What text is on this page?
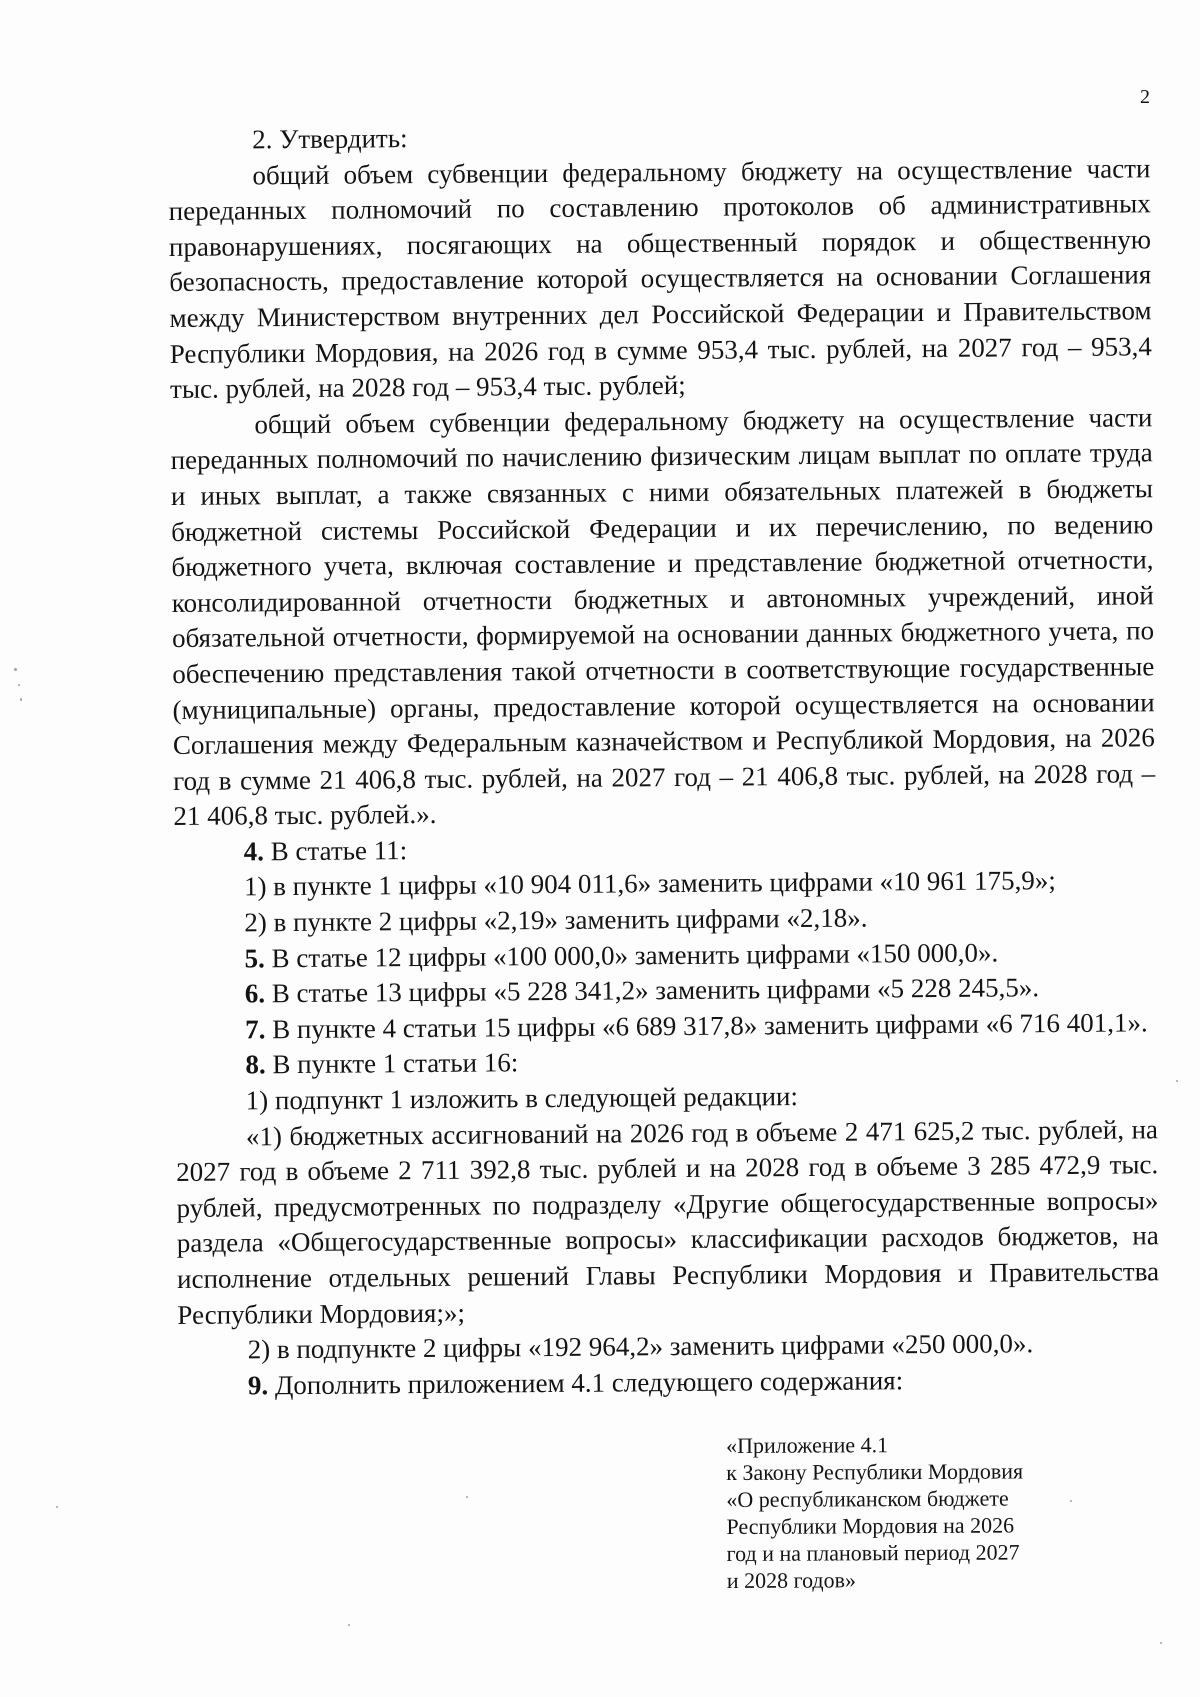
2

2. Утвердить:

общий объем субвенции федеральному бюджету на осуществление части переданных полномочий по составлению протоколов об административных правонарушениях, посягающих на общественный порядок и общественную безопасность, предоставление которой осуществляется на основании Соглашения между Министерством внутренних дел Российской Федерации и Правительством Республики Мордовия, на 2026 год в сумме 953,4 тыс. рублей, на 2027 год – 953,4 тыс. рублей, на 2028 год – 953,4 тыс. рублей;

общий объем субвенции федеральному бюджету на осуществление части переданных полномочий по начислению физическим лицам выплат по оплате труда и иных выплат, а также связанных с ними обязательных платежей в бюджеты бюджетной системы Российской Федерации и их перечислению, по ведению бюджетного учета, включая составление и представление бюджетной отчетности, консолидированной отчетности бюджетных и автономных учреждений, иной обязательной отчетности, формируемой на основании данных бюджетного учета, по обеспечению представления такой отчетности в соответствующие государственные (муниципальные) органы, предоставление которой осуществляется на основании Соглашения между Федеральным казначейством и Республикой Мордовия, на 2026 год в сумме 21 406,8 тыс. рублей, на 2027 год – 21 406,8 тыс. рублей, на 2028 год – 21 406,8 тыс. рублей.».

4. В статье 11:

1) в пункте 1 цифры «10 904 011,6» заменить цифрами «10 961 175,9»;

2) в пункте 2 цифры «2,19» заменить цифрами «2,18».

5. В статье 12 цифры «100 000,0» заменить цифрами «150 000,0».

6. В статье 13 цифры «5 228 341,2» заменить цифрами «5 228 245,5».

7. В пункте 4 статьи 15 цифры «6 689 317,8» заменить цифрами «6 716 401,1».

8. В пункте 1 статьи 16:

1) подпункт 1 изложить в следующей редакции:

«1) бюджетных ассигнований на 2026 год в объеме 2 471 625,2 тыс. рублей, на 2027 год в объеме 2 711 392,8 тыс. рублей и на 2028 год в объеме 3 285 472,9 тыс. рублей, предусмотренных по подразделу «Другие общегосударственные вопросы» раздела «Общегосударственные вопросы» классификации расходов бюджетов, на исполнение отдельных решений Главы Республики Мордовия и Правительства Республики Мордовия;»;

2) в подпункте 2 цифры «192 964,2» заменить цифрами «250 000,0».

9. Дополнить приложением 4.1 следующего содержания:

«Приложение 4.1
к Закону Республики Мордовия
«О республиканском бюджете
Республики Мордовия на 2026
год и на плановый период 2027
и 2028 годов»
